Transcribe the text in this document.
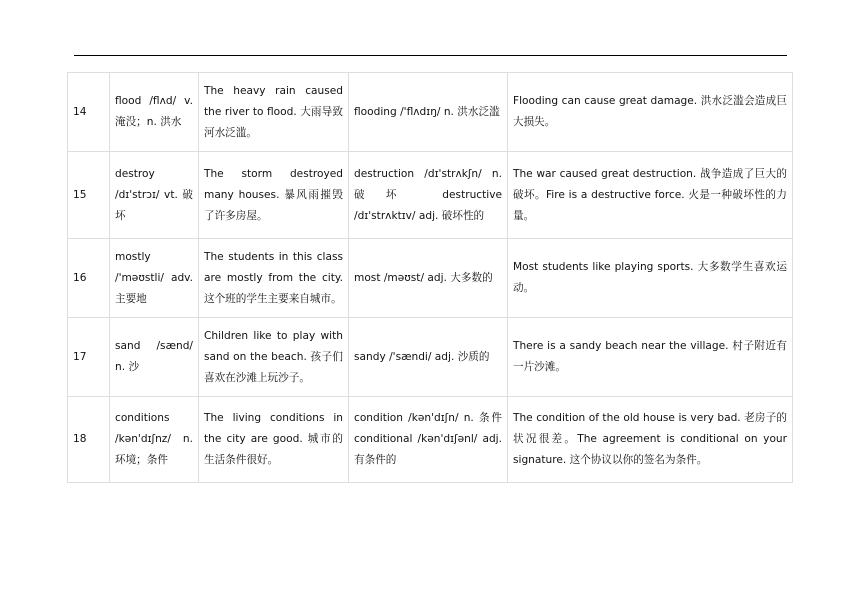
14	flood /flʌd/ v. 淹没；n. 洪水	The heavy rain caused the river to flood. 大雨导致河水泛滥。	flooding /'flʌdɪŋ/ n. 洪水泛滥	Flooding can cause great damage. 洪水泛滥会造成巨大损失。
15	destroy /dɪ'strɔɪ/ vt. 破坏	The storm destroyed many houses. 暴风雨摧毁了许多房屋。	destruction /dɪ'strʌkʃn/ n. 破坏 destructive /dɪ'strʌktɪv/ adj. 破坏性的	The war caused great destruction. 战争造成了巨大的破坏。Fire is a destructive force. 火是一种破坏性的力量。
16	mostly /'məʊstli/ adv. 主要地	The students in this class are mostly from the city. 这个班的学生主要来自城市。	most /məʊst/ adj. 大多数的	Most students like playing sports. 大多数学生喜欢运动。
17	sand /sænd/ n. 沙	Children like to play with sand on the beach. 孩子们喜欢在沙滩上玩沙子。	sandy /'sændi/ adj. 沙质的	There is a sandy beach near the village. 村子附近有一片沙滩。
18	conditions /kən'dɪʃnz/ n. 环境；条件	The living conditions in the city are good. 城市的生活条件很好。	condition /kən'dɪʃn/ n. 条件 conditional /kən'dɪʃənl/ adj. 有条件的	The condition of the old house is very bad. 老房子的状况很差。The agreement is conditional on your signature. 这个协议以你的签名为条件。
